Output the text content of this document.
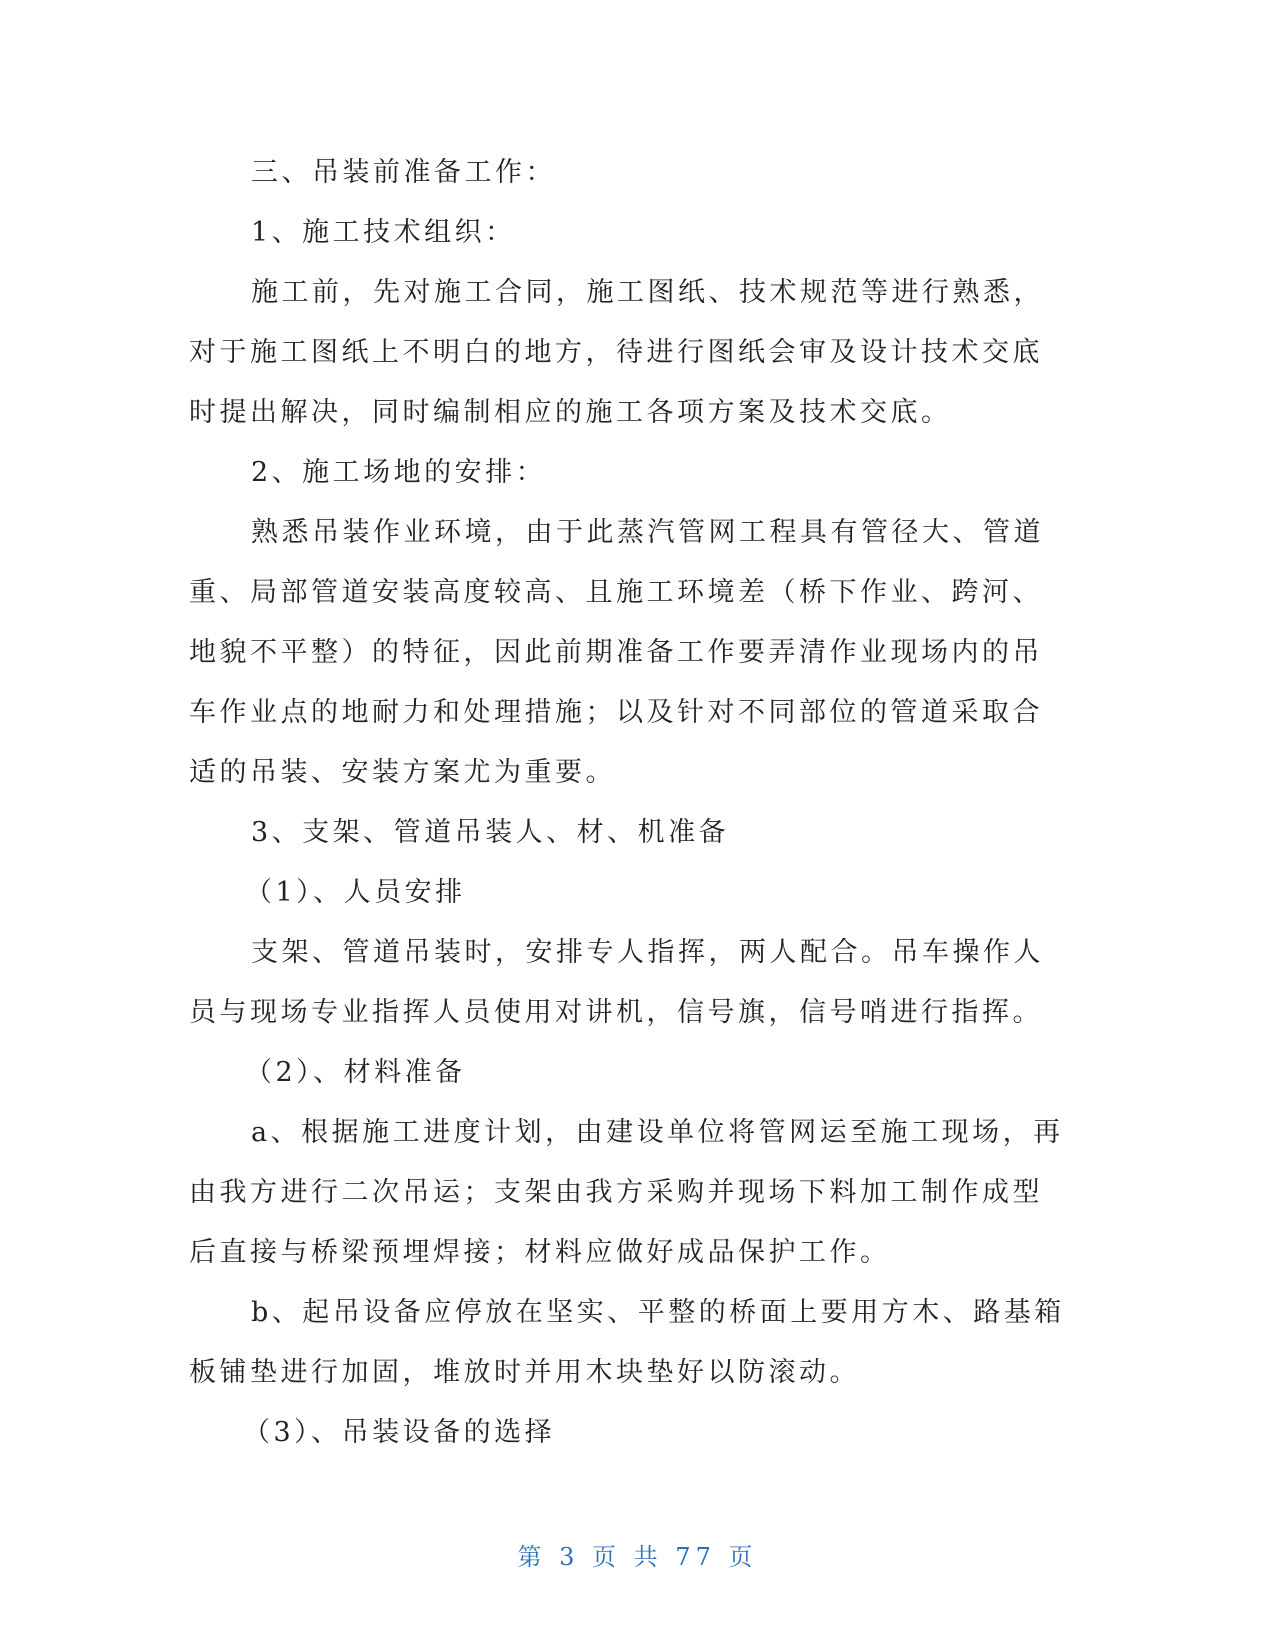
三、吊装前准备工作：
1、施工技术组织：
施工前，先对施工合同，施工图纸、技术规范等进行熟悉，
对于施工图纸上不明白的地方，待进行图纸会审及设计技术交底
时提出解决，同时编制相应的施工各项方案及技术交底。
2、施工场地的安排：
熟悉吊装作业环境，由于此蒸汽管网工程具有管径大、管道
重、局部管道安装高度较高、且施工环境差（桥下作业、跨河、
地貌不平整）的特征，因此前期准备工作要弄清作业现场内的吊
车作业点的地耐力和处理措施；以及针对不同部位的管道采取合
适的吊装、安装方案尤为重要。
3、支架、管道吊装人、材、机准备
（1）、人员安排
支架、管道吊装时，安排专人指挥，两人配合。吊车操作人
员与现场专业指挥人员使用对讲机，信号旗，信号哨进行指挥。
（2）、材料准备
a、根据施工进度计划，由建设单位将管网运至施工现场，再
由我方进行二次吊运；支架由我方采购并现场下料加工制作成型
后直接与桥梁预埋焊接；材料应做好成品保护工作。
b、起吊设备应停放在坚实、平整的桥面上要用方木、路基箱
板铺垫进行加固，堆放时并用木块垫好以防滚动。
（3）、吊装设备的选择
第 3 页 共 77 页
